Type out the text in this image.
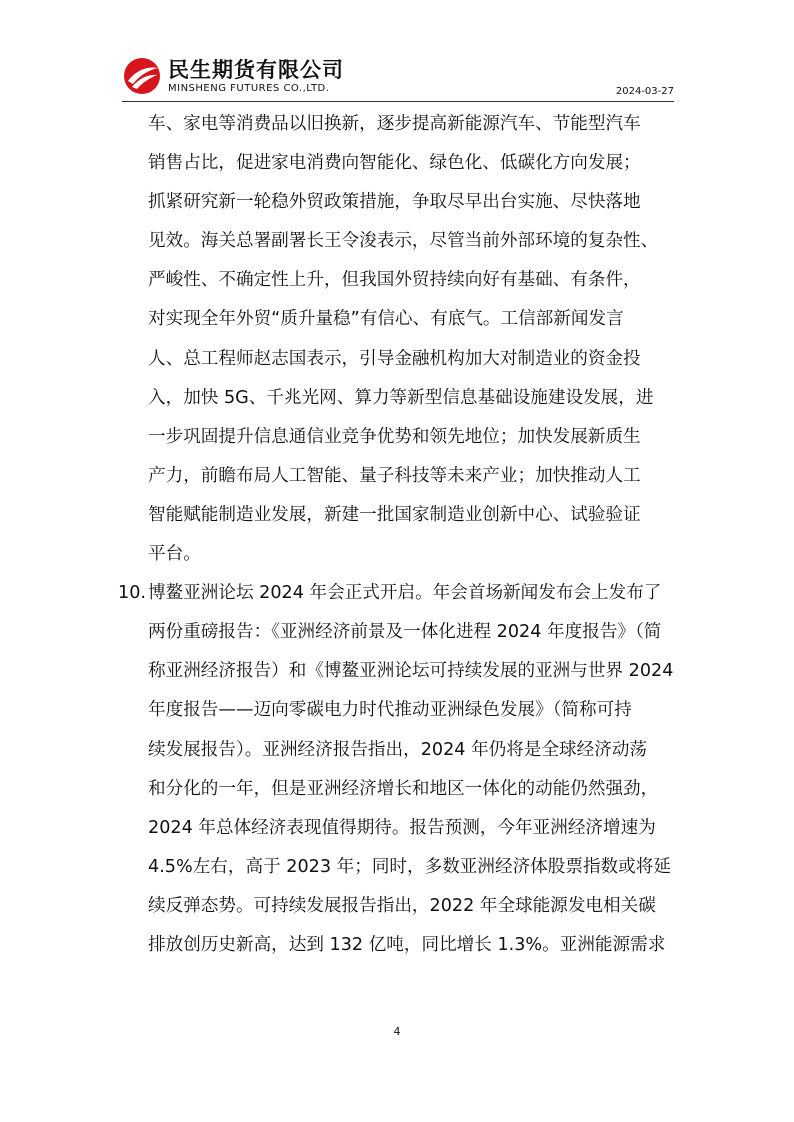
民生期货有限公司
MINSHENG FUTURES CO.,LTD.	2024-03-27
车、家电等消费品以旧换新，逐步提高新能源汽车、节能型汽车
销售占比，促进家电消费向智能化、绿色化、低碳化方向发展；
抓紧研究新一轮稳外贸政策措施，争取尽早出台实施、尽快落地
见效。海关总署副署长王令浚表示，尽管当前外部环境的复杂性、
严峻性、不确定性上升，但我国外贸持续向好有基础、有条件，
对实现全年外贸“质升量稳”有信心、有底气。工信部新闻发言
人、总工程师赵志国表示，引导金融机构加大对制造业的资金投
入，加快 5G、千兆光网、算力等新型信息基础设施建设发展，进
一步巩固提升信息通信业竞争优势和领先地位；加快发展新质生
产力，前瞻布局人工智能、量子科技等未来产业；加快推动人工
智能赋能制造业发展，新建一批国家制造业创新中心、试验验证
平台。
10. 博鳌亚洲论坛 2024 年会正式开启。年会首场新闻发布会上发布了
两份重磅报告：《亚洲经济前景及一体化进程 2024 年度报告》（简
称亚洲经济报告）和《博鳌亚洲论坛可持续发展的亚洲与世界 2024
年度报告——迈向零碳电力时代推动亚洲绿色发展》（简称可持
续发展报告）。亚洲经济报告指出，2024 年仍将是全球经济动荡
和分化的一年，但是亚洲经济增长和地区一体化的动能仍然强劲，
2024 年总体经济表现值得期待。报告预测，今年亚洲经济增速为
4.5%左右，高于 2023 年；同时，多数亚洲经济体股票指数或将延
续反弹态势。可持续发展报告指出，2022 年全球能源发电相关碳
排放创历史新高，达到 132 亿吨，同比增长 1.3%。亚洲能源需求
4
